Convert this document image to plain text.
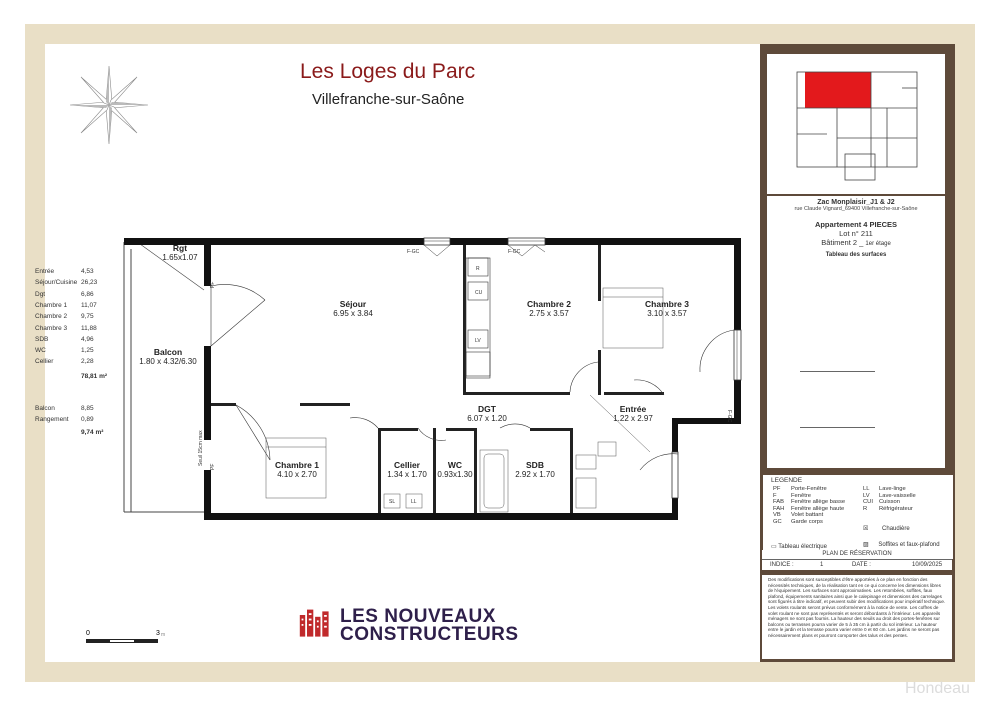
Les Loges du Parc
Villefranche-sur-Saône
F-GC	F-GC
F-GC
PF
PF
Seuil 15cm max
R
CU
LV
SL	LL
Rgt
1.65x1.07
Balcon
1.80 x 4.32/6.30
Séjour
6.95 x 3.84
Chambre 2
2.75 x 3.57
Chambre 3
3.10 x 3.57
DGT
6.07 x 1.20
Entrée
1.22 x 2.97
Chambre 1
4.10 x 2.70
Cellier
1.34 x 1.70
WC
0.93x1.30
SDB
2.92 x 1.70
LES NOUVEAUX
CONSTRUCTEURS
0	3 m
Zac Monplaisir_J1 & J2
rue Claude Vignard_69400 Villefranche-sur-Saône
Appartement 4 PIECES
Lot n° 211
Bâtiment 2 _ 1er étage
Tableau des surfaces
Entrée	4,53
Séjour/Cuisine 26,23
Dgt	6,86
Chambre 1 11,07
Chambre 2 9,75
Chambre 3 11,88
SDB	4,96
WC	1,25
Cellier	2,28
78,81 m²
Balcon	8,85
Rangement 0,89
9,74 m²
LEGENDE
PF Porte-Fenêtre
F Fenêtre
FAB Fenêtre allège basse
FAH Fenêtre allège haute
VB Volet battant
GC Garde corps
LL Lave-linge
LV Lave-vaisselle
CUI Cuisson
R Réfrigérateur
☒ Chaudière
▭ Tableau électrique	▨ Soffites et faux-plafond
PLAN DE RÉSERVATION
INDICE :	1	DATE :	10/09/2025
Des modifications sont susceptibles d'être apportées à ce plan en fonction des nécessités techniques, de la réalisation tant en ce qui concerne les dimensions libres de l'équipement. Les surfaces sont approximatives. Les retombées, soffites, faux plafond, équipements sanitaires ainsi que le calepinage et dimensions des carrelages sont figurés à titre indicatif, et peuvent subir des modifications pour impératif technique. Les volets roulants seront prévus conformément à la notice de vente. Les coffres de volet roulant ne sont pas représentés et seront débordants à l'intérieur. Les appareils ménagers ne sont pas fournis. La hauteur des seuils au droit des portes-fenêtres sur balcons ou terrasses pourra varier de 5 à 35 cm à partir du sol intérieur. La hauteur entre le jardin et la terrasse pourra varier entre 0 et 60 cm. Les jardins ne seront pas nécessairement plans et pourront comporter des talus et des pentes.
Hondeau
